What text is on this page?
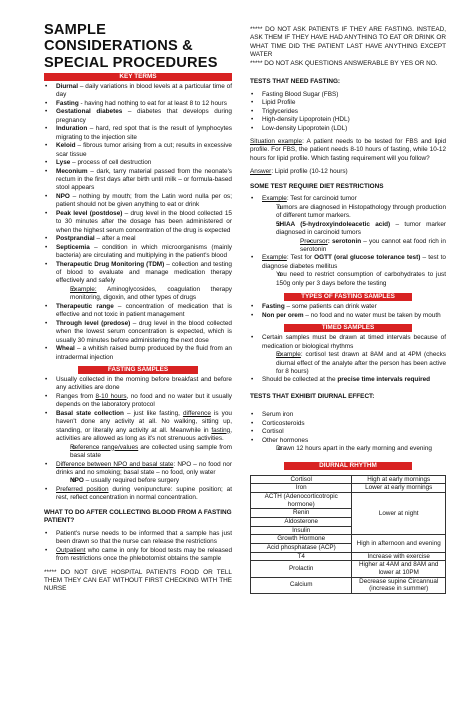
SAMPLE
CONSIDERATIONS &
SPECIAL PROCEDURES
KEY TERMS
• Diurnal – daily variations in blood levels at a particular time of day
• Fasting - having had nothing to eat for at least 8 to 12 hours
• Gestational diabetes – diabetes that develops during pregnancy
• Induration – hard, red spot that is the result of lymphocytes migrating to the injection site
• Keloid – fibrous tumor arising from a cut; results in excessive scar tissue
• Lyse – process of cell destruction
• Meconium – dark, tarry material passed from the neonate's rectum in the first days after birth until milk – or formula-based stool appears
• NPO – nothing by mouth; from the Latin word nulla per os; patient should not be given anything to eat or drink
• Peak level (postdose) – drug level in the blood collected 15 to 30 minutes after the dosage has been administered or when the highest serum concentration of the drug is expected
• Postprandial – after a meal
• Septicemia – condition in which microorganisms (mainly bacteria) are circulating and multiplying in the patient's blood
• Therapeutic Drug Monitoring (TDM) – collection and testing of blood to evaluate and manage medication therapy effectively and safely
o Example: Aminoglycosides, coagulation therapy monitoring, digoxin, and other types of drugs
• Therapeutic range – concentration of medication that is effective and not toxic in patient management
• Through level (predose) – drug level in the blood collected when the lowest serum concentration is expected, which is usually 30 minutes before administering the next dose
• Wheal – a whitish raised bump produced by the fluid from an intradermal injection
FASTING SAMPLES
• Usually collected in the morning before breakfast and before any activities are done
• Ranges from 8-10 hours, no food and no water but it usually depends on the laboratory protocol
• Basal state collection – just like fasting, difference is you haven't done any activity at all. No walking, sitting up, standing, or literally any activity at all. Meanwhile in fasting, activities are allowed as long as it's not strenuous activities.
o Reference range/values are collected using sample from basal state
• Difference between NPO and basal state: NPO – no food nor drinks and no smoking; basal state – no food, only water
o NPO – usually required before surgery
• Preferred position during venipuncture: supine position; at rest, reflect concentration in normal concentration.
WHAT TO DO AFTER COLLECTING BLOOD FROM A FASTING PATIENT?
• Patient's nurse needs to be informed that a sample has just been drawn so that the nurse can release the restrictions
• Outpatient who came in only for blood tests may be released from restrictions once the phlebotomist obtains the sample

***** DO NOT GIVE HOSPITAL PATIENTS FOOD OR TELL THEM THEY CAN EAT WITHOUT FIRST CHECKING WITH THE NURSE

***** DO NOT ASK PATIENTS IF THEY ARE FASTING. INSTEAD, ASK THEM IF THEY HAVE HAD ANYTHING TO EAT OR DRINK OR WHAT TIME DID THE PATIENT LAST HAVE ANYTHING EXCEPT WATER

***** DO NOT ASK QUESTIONS ANSWERABLE BY YES OR NO.

TESTS THAT NEED FASTING:
• Fasting Blood Sugar (FBS)
• Lipid Profile
• Triglycerides
• High-density Lipoprotein (HDL)
• Low-density Lipoprotein (LDL)

Situation example: A patient needs to be tested for FBS and lipid profile. For FBS, the patient needs 8-10 hours of fasting, while 10-12 hours for lipid profile. Which fasting requirement will you follow?

Answer: Lipid profile (10-12 hours)

SOME TEST REQUIRE DIET RESTRICTIONS
• Example: Test for carcinoid tumor
o Tumors are diagnosed in Histopathology through production of different tumor markers.
o 5HIAA (5-hydroxyindoleacetic acid) – tumor marker diagnosed in carcinoid tumors
▪ Precursor: serotonin – you cannot eat food rich in serotonin
• Example: Test for OGTT (oral glucose tolerance test) – test to diagnose diabetes mellitus
o You need to restrict consumption of carbohydrates to just 150g only per 3 days before the testing
TYPES OF FASTING SAMPLES
• Fasting – some patients can drink water
• Non per orem – no food and no water must be taken by mouth
TIMED SAMPLES
• Certain samples must be drawn at timed intervals because of medication or biological rhythms
o Example: cortisol test drawn at 8AM and at 4PM (checks diurnal effect of the analyte after the person has been active for 8 hours)
• Should be collected at the precise time intervals required
TESTS THAT EXHIBIT DIURNAL EFFECT:
• Serum iron
• Corticosteroids
• Cortisol
• Other hormones
o Drawn 12 hours apart in the early morning and evening
DIURNAL RHYTHM
Cortisol	High at early mornings
Iron	Lower at early mornings
ACTH (Adenocorticotropic hormone)	Lower at night
Renin	
Aldosterone	
Insulin	
Growth Hormone	High in afternoon and evening
Acid phosphatase (ACP)	
T4	Increase with exercise
Prolactin	Higher at 4AM and 8AM and lower at 10PM
Calcium	Decrease supine Circannual (increase in summer)
